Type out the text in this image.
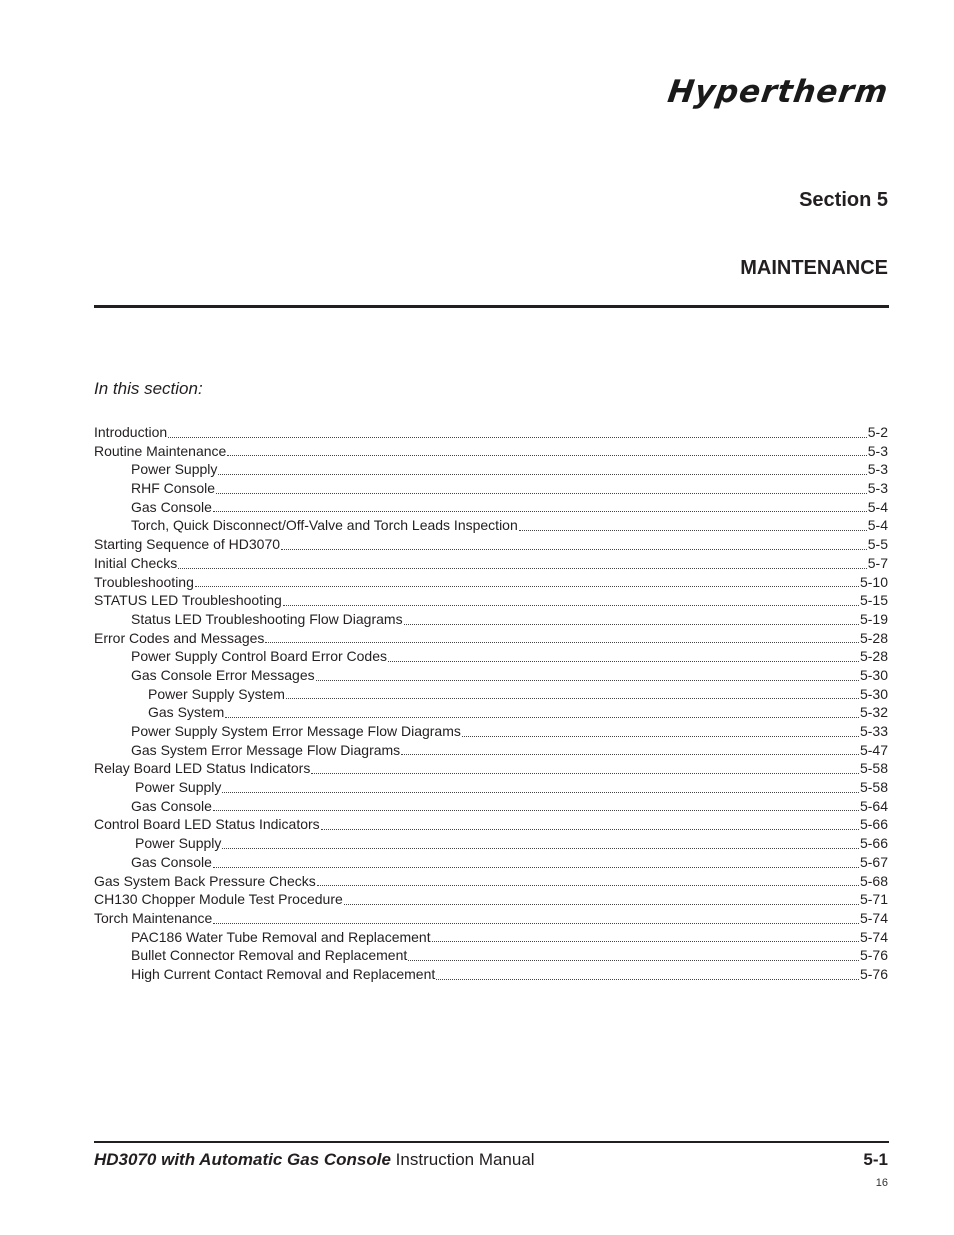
Hypertherm
Section 5
MAINTENANCE
In this section:
Introduction	5-2
Routine Maintenance	5-3
Power Supply	5-3
RHF Console	5-3
Gas Console	5-4
Torch, Quick Disconnect/Off-Valve and Torch Leads Inspection	5-4
Starting Sequence of HD3070	5-5
Initial Checks	5-7
Troubleshooting	5-10
STATUS LED Troubleshooting	5-15
Status LED Troubleshooting Flow Diagrams	5-19
Error Codes and Messages	5-28
Power Supply Control Board Error Codes	5-28
Gas Console Error Messages	5-30
Power Supply System	5-30
Gas System	5-32
Power Supply System Error Message Flow Diagrams	5-33
Gas System Error Message Flow Diagrams	5-47
Relay Board LED Status Indicators	5-58
Power Supply	5-58
Gas Console	5-64
Control Board LED Status Indicators	5-66
Power Supply	5-66
Gas Console	5-67
Gas System Back Pressure Checks	5-68
CH130 Chopper Module Test Procedure	5-71
Torch Maintenance	5-74
PAC186 Water Tube Removal and Replacement	5-74
Bullet Connector Removal and Replacement	5-76
High Current Contact Removal and Replacement	5-76
HD3070 with Automatic Gas Console Instruction Manual	5-1
16
